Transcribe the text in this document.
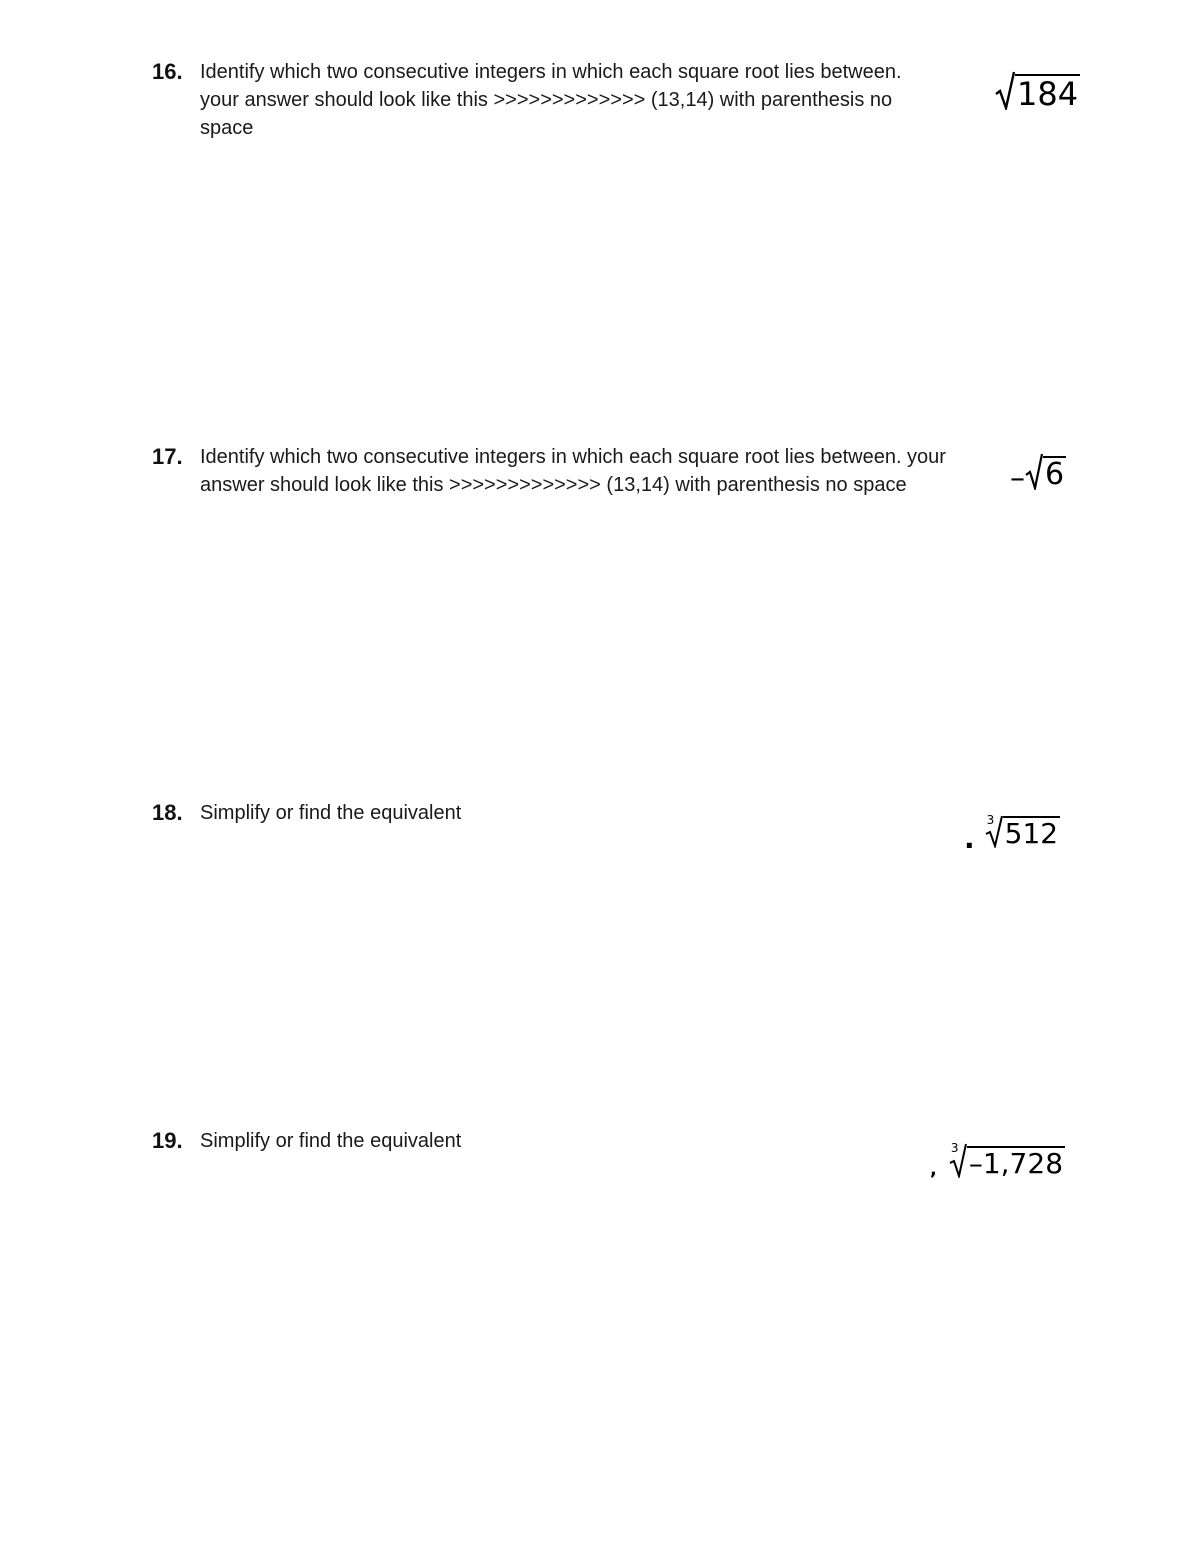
16. Identify which two consecutive integers in which each square root lies between.
your answer should look like this >>>>>>>>>>>>> (13,14) with parenthesis no
space
184
17. Identify which two consecutive integers in which each square root lies between. your
answer should look like this >>>>>>>>>>>>> (13,14) with parenthesis no space	– 6
18. Simplify or find the equivalent
.
3 512
19. Simplify or find the equivalent
,
3 –1,728
